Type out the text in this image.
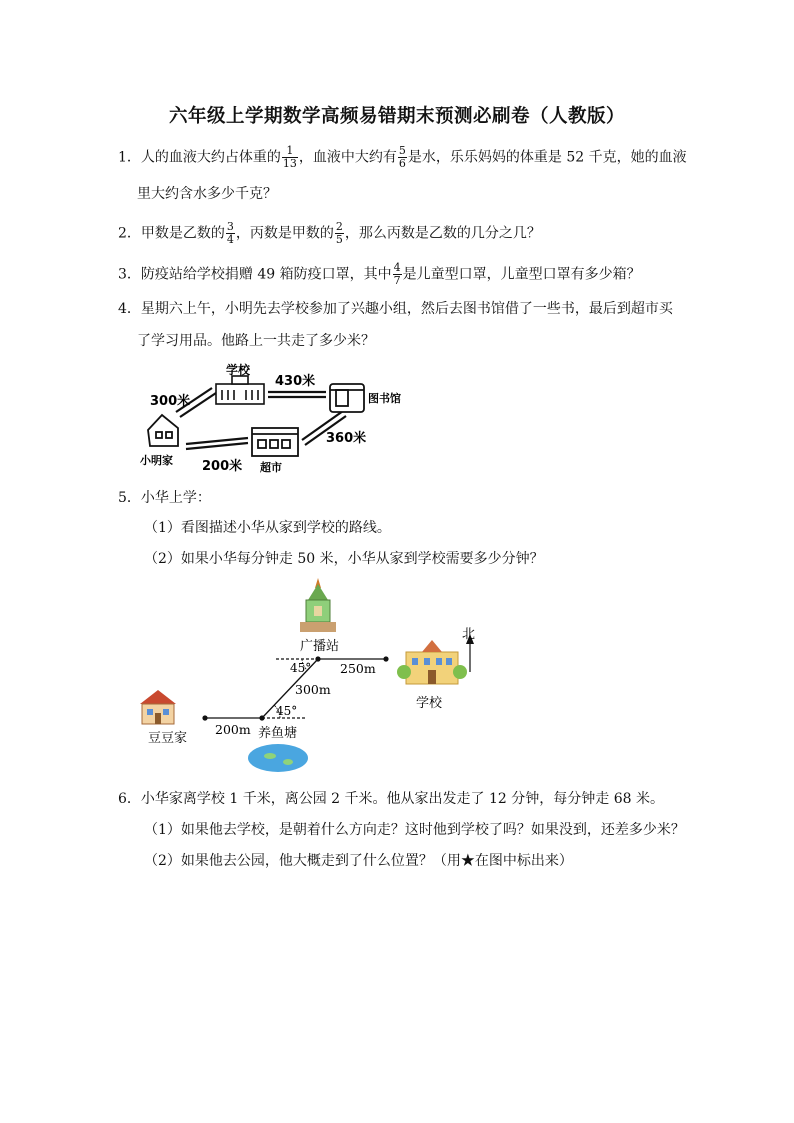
六年级上学期数学高频易错期末预测必刷卷（人教版）
1．人的血液大约占体重的 $\frac{1}{13}$ ，血液中大约有 $\frac{5}{6}$ 是水，乐乐妈妈的体重是 52 千克，她的血液
里大约含水多少千克？
2．甲数是乙数的 $\frac{3}{4}$ ，丙数是甲数的 $\frac{2}{5}$ ，那么丙数是乙数的几分之几？
3．防疫站给学校捐赠 49 箱防疫口罩，其中 $\frac{4}{7}$ 是儿童型口罩，儿童型口罩有多少箱？
4．星期六上午，小明先去学校参加了兴趣小组，然后去图书馆借了一些书，最后到超市买
了学习用品。他路上一共走了多少米？
学校
图书馆
小明家
超市
300米
430米
360米
200米
5．小华上学：
（1）看图描述小华从家到学校的路线。
（2）如果小华每分钟走 50 米，小华从家到学校需要多少分钟？
广播站
北
学校
豆豆家	养鱼塘
200m
300m
250m
45°
45°
6．小华家离学校 1 千米，离公园 2 千米。他从家出发走了 12 分钟，每分钟走 68 米。
（1）如果他去学校，是朝着什么方向走？这时他到学校了吗？如果没到，还差多少米？
（2）如果他去公园，他大概走到了什么位置？（用★在图中标出来）
